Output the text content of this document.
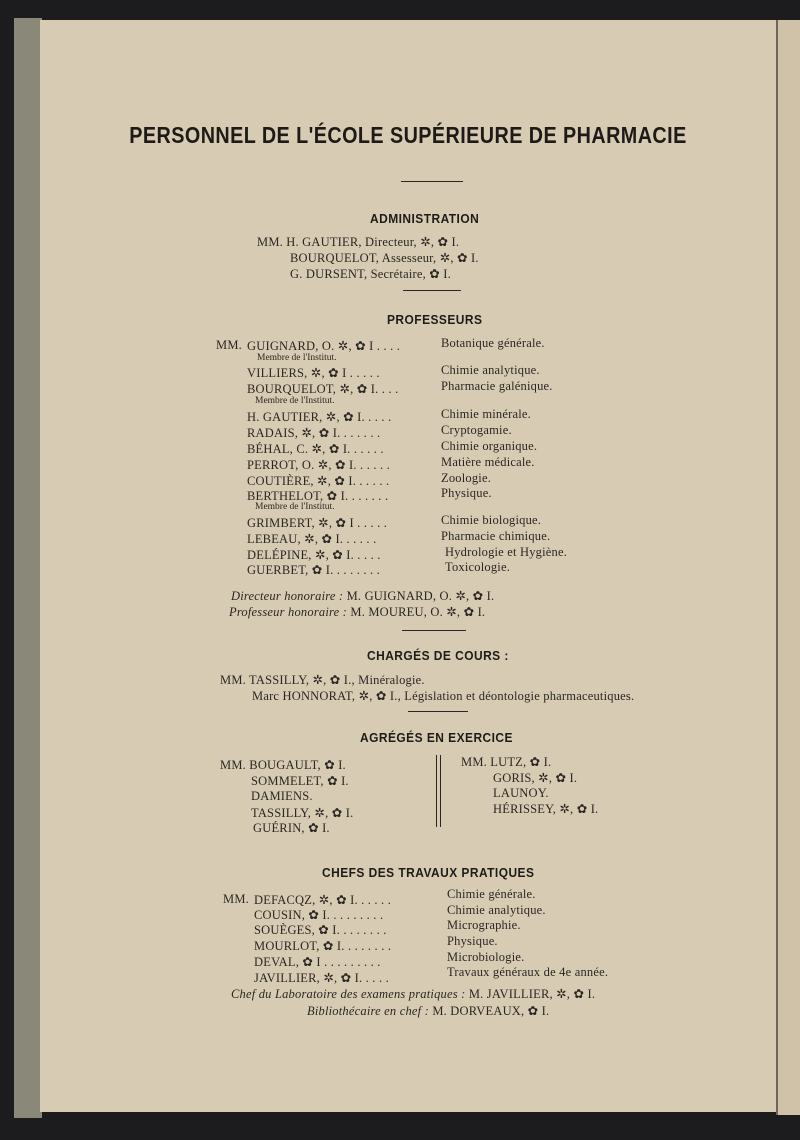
PERSONNEL DE L'ÉCOLE SUPÉRIEURE DE PHARMACIE
ADMINISTRATION
MM. H. GAUTIER, Directeur, ✲, ✿ I.
BOURQUELOT, Assesseur, ✲, ✿ I.
G. DURSENT, Secrétaire, ✿ I.
PROFESSEURS
MM. GUIGNARD, O. ✲, ✿ I . . . .	Botanique générale.
Membre de l'Institut.
VILLIERS, ✲, ✿ I . . . . .	Chimie analytique.
BOURQUELOT, ✲, ✿ I. . . .	Pharmacie galénique.
Membre de l'Institut.
H. GAUTIER, ✲, ✿ I. . . . .	Chimie minérale.
RADAIS, ✲, ✿ I. . . . . . .	Cryptogamie.
BÉHAL, C. ✲, ✿ I. . . . . .	Chimie organique.
PERROT, O. ✲, ✿ I. . . . . .	Matière médicale.
COUTIÈRE, ✲, ✿ I. . . . . .	Zoologie.
BERTHELOT, ✿ I. . . . . . .	Physique.
Membre de l'Institut.
GRIMBERT, ✲, ✿ I . . . . .	Chimie biologique.
LEBEAU, ✲, ✿ I. . . . . .	Pharmacie chimique.
DELÉPINE, ✲, ✿ I. . . . .	Hydrologie et Hygiène.
GUERBET, ✿ I. . . . . . . .	Toxicologie.
Directeur honoraire : M. GUIGNARD, O. ✲, ✿ I.
Professeur honoraire : M. MOUREU, O. ✲, ✿ I.
CHARGÉS DE COURS :
MM. TASSILLY, ✲, ✿ I., Minéralogie.
Marc HONNORAT, ✲, ✿ I., Législation et déontologie pharmaceutiques.
AGRÉGÉS EN EXERCICE
MM. BOUGAULT, ✿ I.
SOMMELET, ✿ I.
DAMIENS.
TASSILLY, ✲, ✿ I.
GUÉRIN, ✿ I.
MM. LUTZ, ✿ I.
GORIS, ✲, ✿ I.
LAUNOY.
HÉRISSEY, ✲, ✿ I.
CHEFS DES TRAVAUX PRATIQUES
MM. DEFACQZ, ✲, ✿ I. . . . . .	Chimie générale.
COUSIN, ✿ I. . . . . . . . .	Chimie analytique.
SOUÈGES, ✿ I. . . . . . . .	Micrographie.
MOURLOT, ✿ I. . . . . . . .	Physique.
DEVAL, ✿ I . . . . . . . . .	Microbiologie.
JAVILLIER, ✲, ✿ I. . . . .	Travaux généraux de 4e année.
Chef du Laboratoire des examens pratiques : M. JAVILLIER, ✲, ✿ I.
Bibliothécaire en chef : M. DORVEAUX, ✿ I.
